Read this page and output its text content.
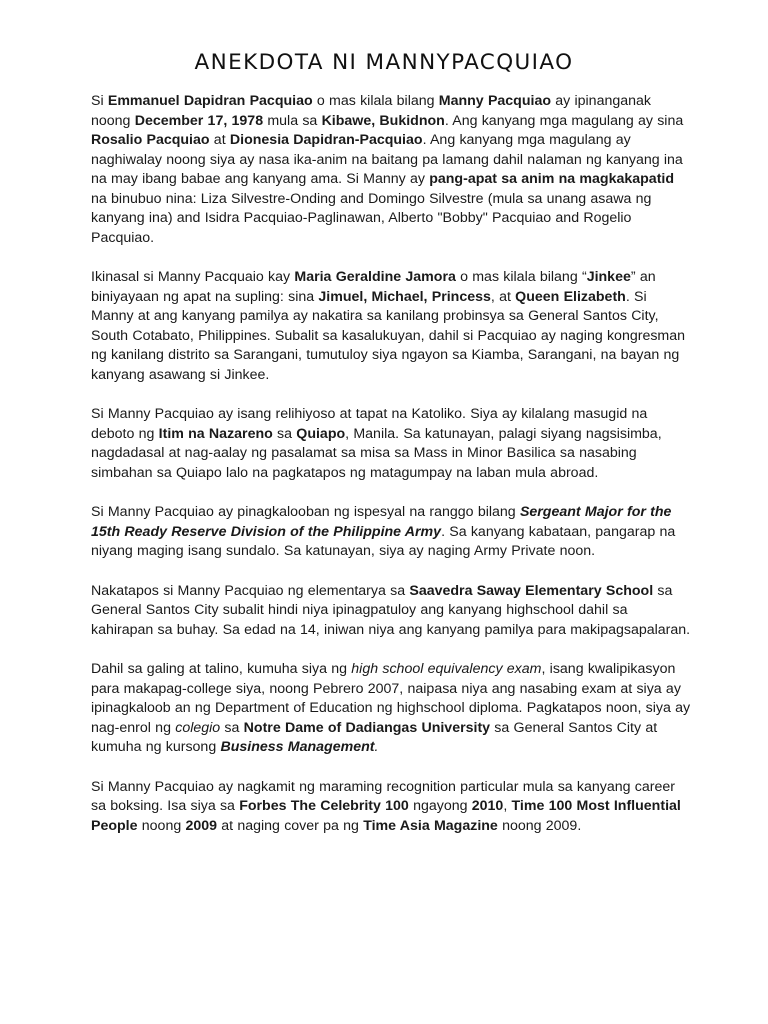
ANEKDOTA NI MANNYPACQUIAO

Si Emmanuel Dapidran Pacquiao o mas kilala bilang Manny Pacquiao ay ipinanganak noong December 17, 1978 mula sa Kibawe, Bukidnon. Ang kanyang mga magulang ay sina Rosalio Pacquiao at Dionesia Dapidran-Pacquiao. Ang kanyang mga magulang ay naghiwalay noong siya ay nasa ika-anim na baitang pa lamang dahil nalaman ng kanyang ina na may ibang babae ang kanyang ama. Si Manny ay pang-apat sa anim na magkakapatid na binubuo nina: Liza Silvestre-Onding and Domingo Silvestre (mula sa unang asawa ng kanyang ina) and Isidra Pacquiao-Paglinawan, Alberto "Bobby" Pacquiao and Rogelio Pacquiao.

Ikinasal si Manny Pacquaio kay Maria Geraldine Jamora o mas kilala bilang “Jinkee” an biniyayaan ng apat na supling: sina Jimuel, Michael, Princess, at Queen Elizabeth. Si Manny at ang kanyang pamilya ay nakatira sa kanilang probinsya sa General Santos City, South Cotabato, Philippines. Subalit sa kasalukuyan, dahil si Pacquiao ay naging kongresman ng kanilang distrito sa Sarangani, tumutuloy siya ngayon sa Kiamba, Sarangani, na bayan ng kanyang asawang si Jinkee.

Si Manny Pacquiao ay isang relihiyoso at tapat na Katoliko. Siya ay kilalang masugid na deboto ng Itim na Nazareno sa Quiapo, Manila. Sa katunayan, palagi siyang nagsisimba, nagdadasal at nag-aalay ng pasalamat sa misa sa Mass in Minor Basilica sa nasabing simbahan sa Quiapo lalo na pagkatapos ng matagumpay na laban mula abroad.

Si Manny Pacquiao ay pinagkalooban ng ispesyal na ranggo bilang Sergeant Major for the 15th Ready Reserve Division of the Philippine Army. Sa kanyang kabataan, pangarap na niyang maging isang sundalo. Sa katunayan, siya ay naging Army Private noon.

Nakatapos si Manny Pacquiao ng elementarya sa Saavedra Saway Elementary School sa General Santos City subalit hindi niya ipinagpatuloy ang kanyang highschool dahil sa kahirapan sa buhay. Sa edad na 14, iniwan niya ang kanyang pamilya para makipagsapalaran.

Dahil sa galing at talino, kumuha siya ng high school equivalency exam, isang kwalipikasyon para makapag-college siya, noong Pebrero 2007, naipasa niya ang nasabing exam at siya ay ipinagkaloob an ng Department of Education ng highschool diploma. Pagkatapos noon, siya ay nag-enrol ng colegio sa Notre Dame of Dadiangas University sa General Santos City at kumuha ng kursong Business Management.

Si Manny Pacquiao ay nagkamit ng maraming recognition particular mula sa kanyang career sa boksing. Isa siya sa Forbes The Celebrity 100 ngayong 2010, Time 100 Most Influential People noong 2009 at naging cover pa ng Time Asia Magazine noong 2009.
